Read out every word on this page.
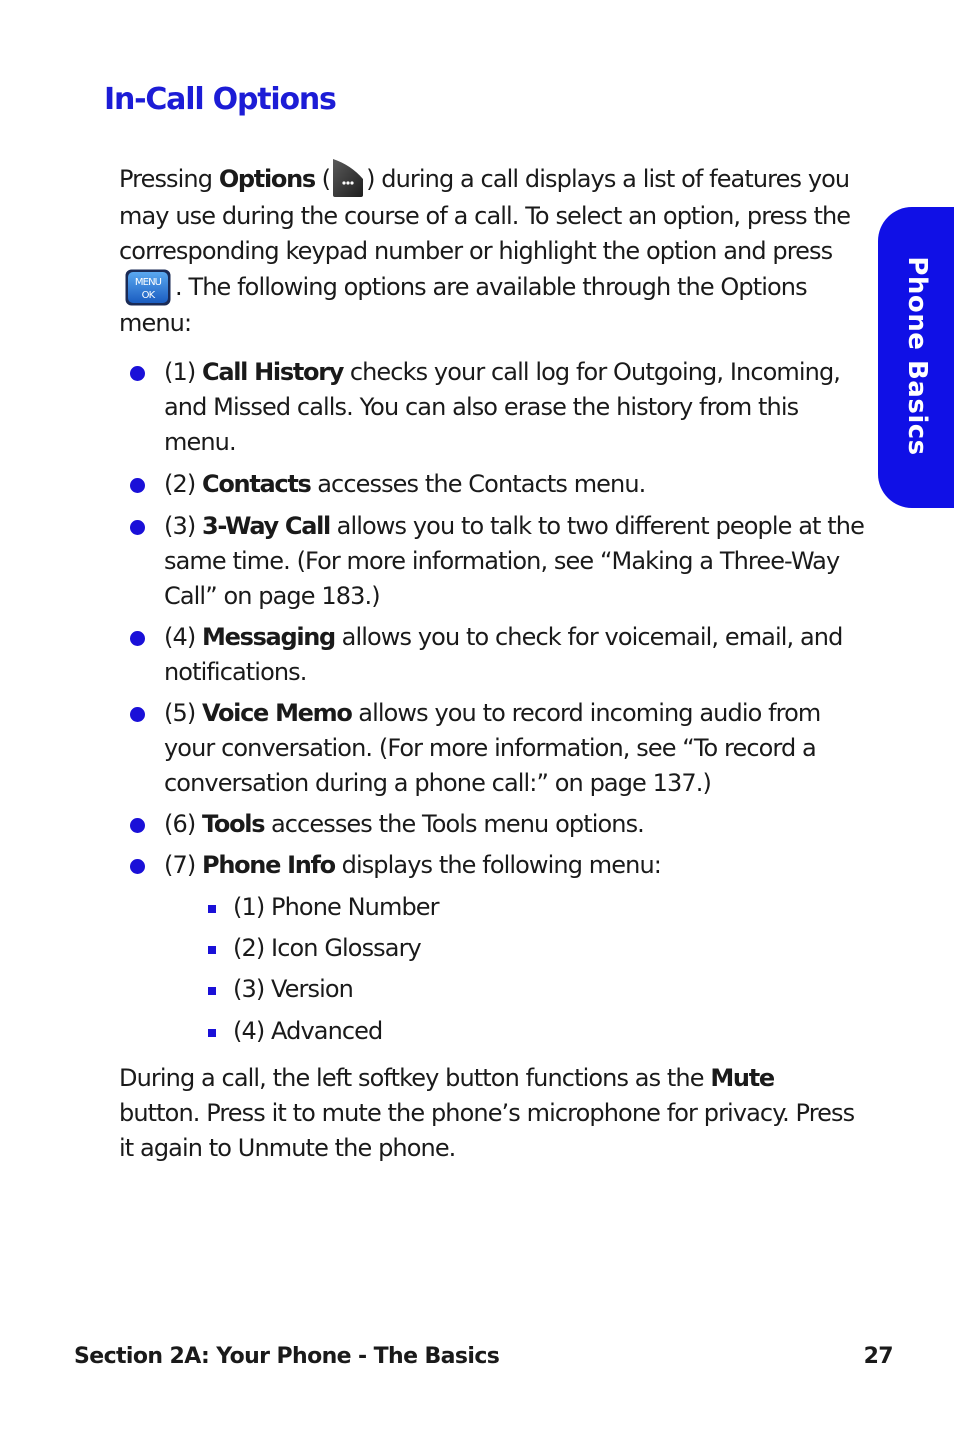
In-Call Options
Phone Basics

Pressing Options ( ) during a call displays a list of features you may use during the course of a call. To select an option, press the corresponding keypad number or highlight the option and press
MENU
OK . The following options are available through the Options menu:

(1) Call History checks your call log for Outgoing, Incoming, and Missed calls. You can also erase the history from this menu.
(2) Contacts accesses the Contacts menu.
(3) 3-Way Call allows you to talk to two different people at the same time. (For more information, see “Making a Three-Way Call” on page 183.)
(4) Messaging allows you to check for voicemail, email, and notifications.
(5) Voice Memo allows you to record incoming audio from your conversation. (For more information, see “To record a conversation during a phone call:” on page 137.)
(6) Tools accesses the Tools menu options.
(7) Phone Info displays the following menu:
(1) Phone Number
(2) Icon Glossary
(3) Version
(4) Advanced

During a call, the left softkey button functions as the Mute button. Press it to mute the phone’s microphone for privacy. Press it again to Unmute the phone.

Section 2A: Your Phone - The Basics	27
